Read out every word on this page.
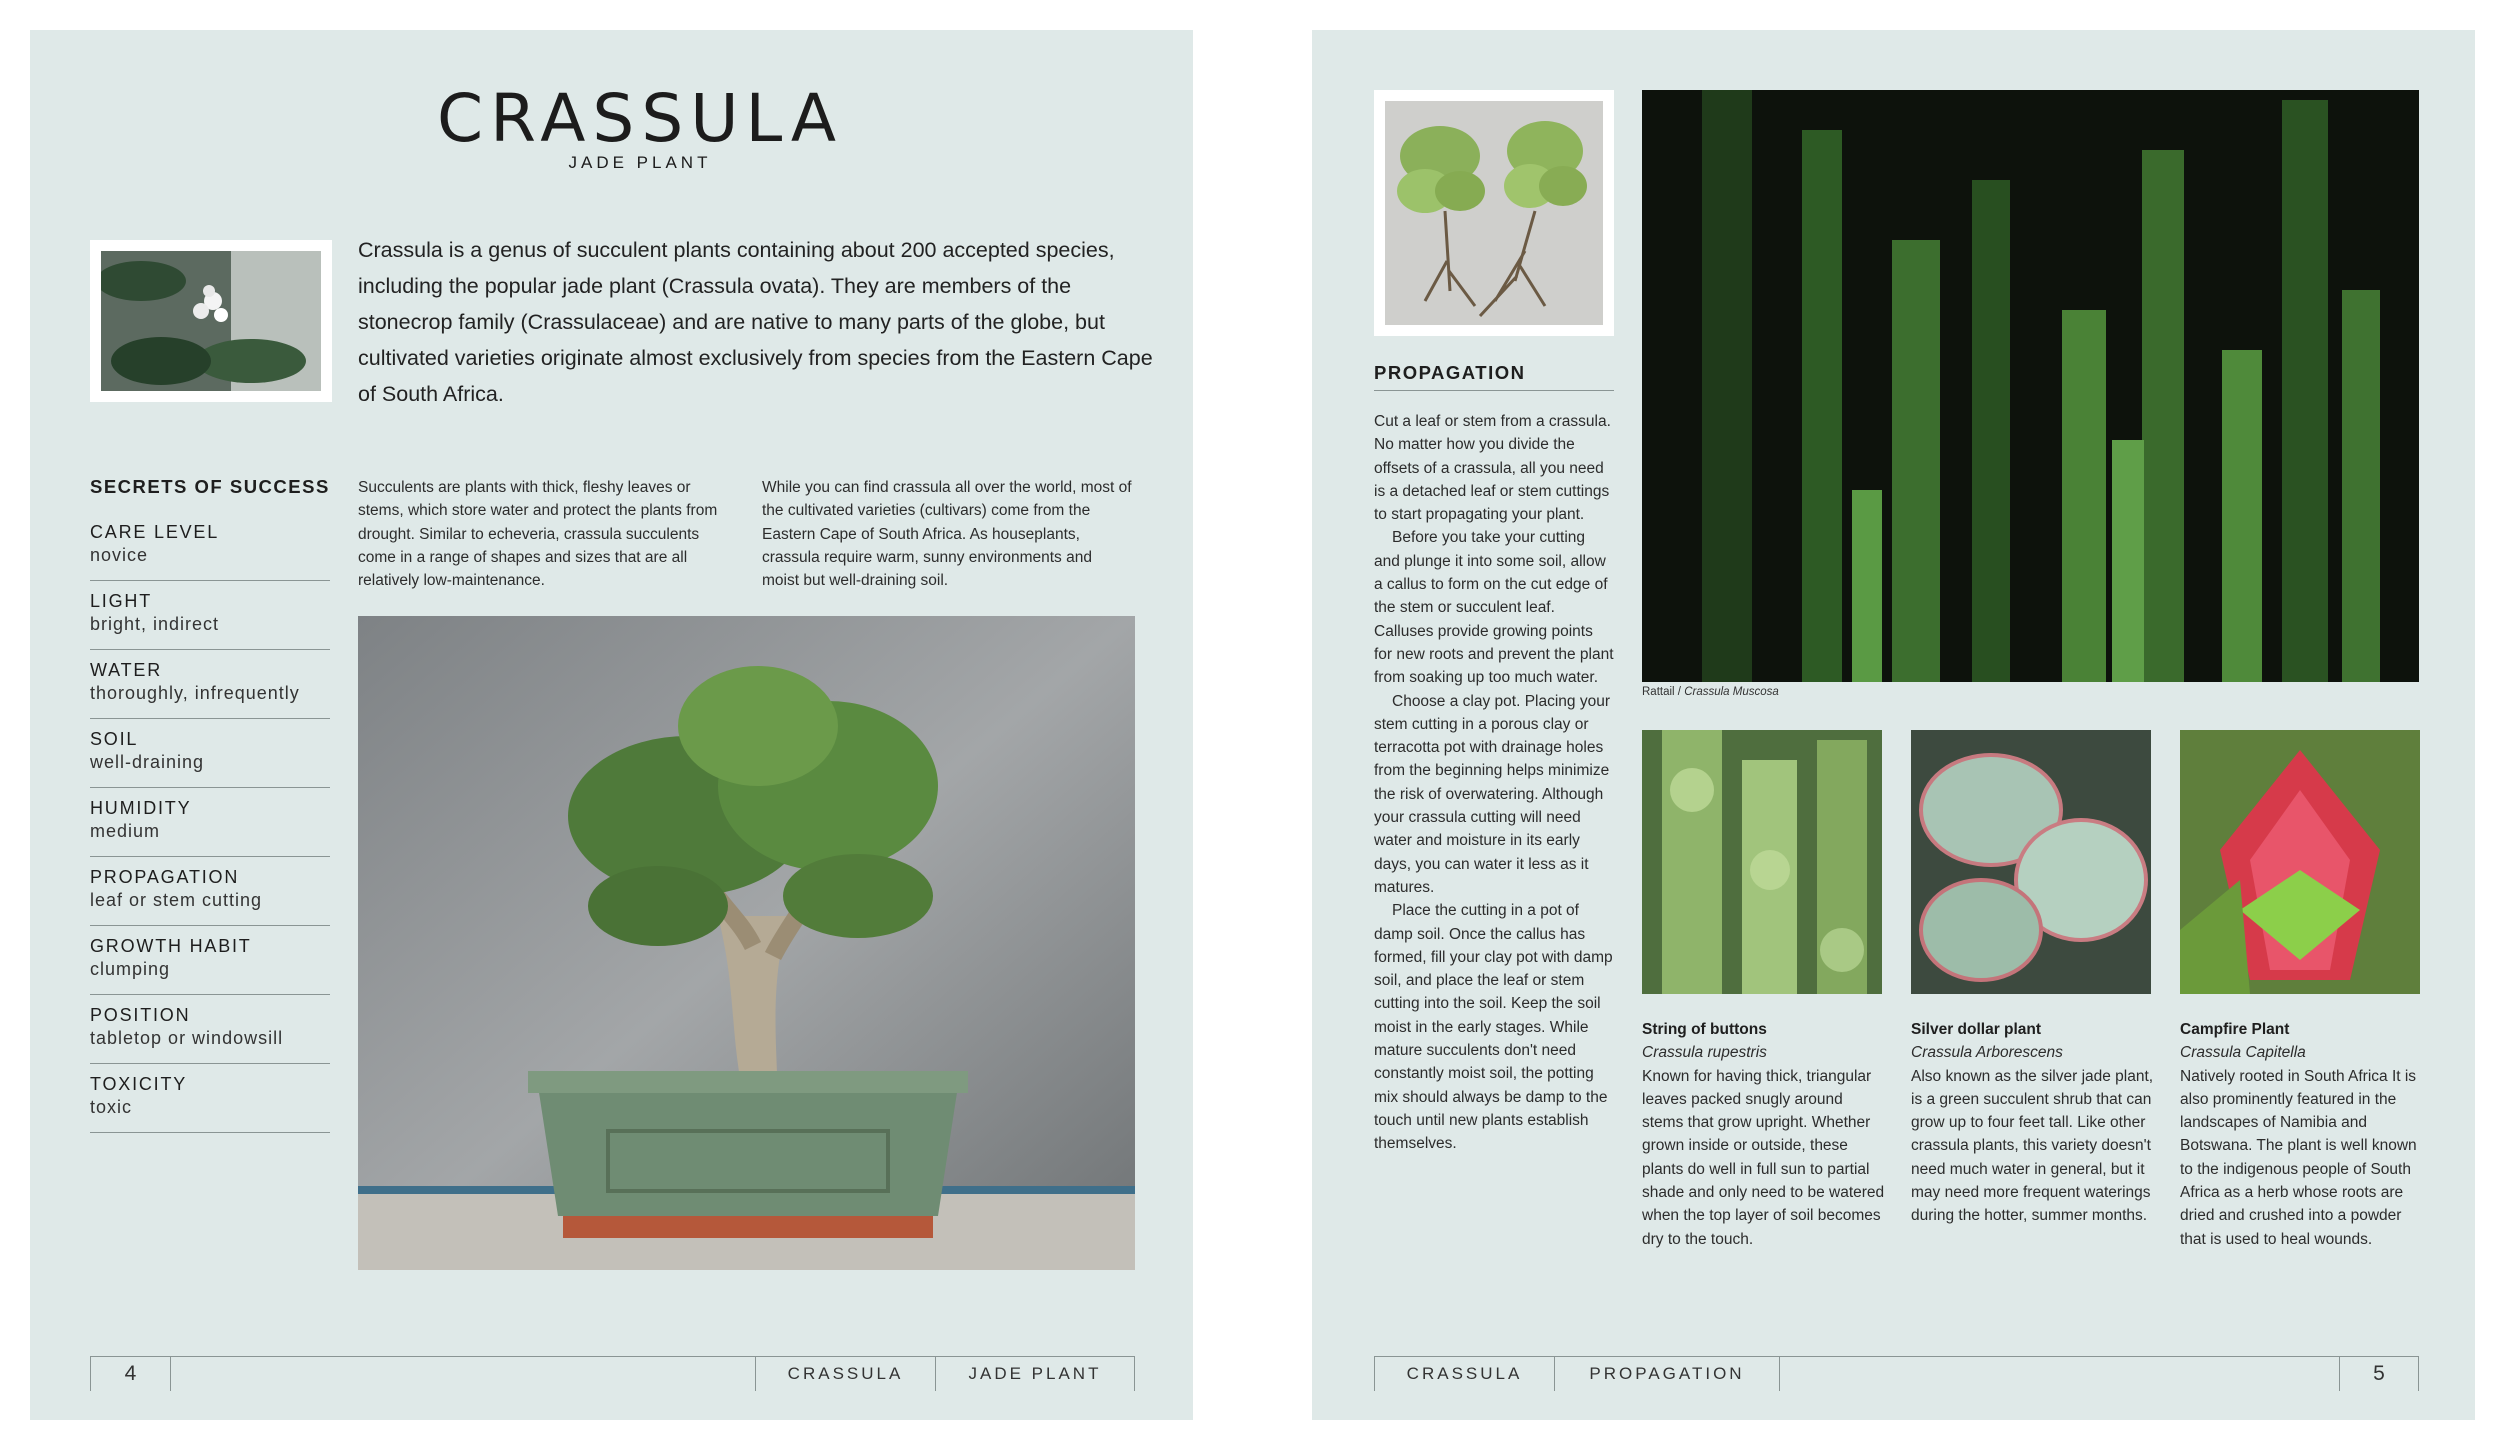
CRASSULA
JADE PLANT
Crassula is a genus of succulent plants containing about 200 accepted species, including the popular jade plant (Crassula ovata). They are members of the stonecrop family (Crassulaceae) and are native to many parts of the globe, but cultivated varieties originate almost exclusively from species from the Eastern Cape of South Africa.
SECRETS OF SUCCESS
CARE LEVEL
novice
LIGHT
bright, indirect
WATER
thoroughly, infrequently
SOIL
well-draining
HUMIDITY
medium
PROPAGATION
leaf or stem cutting
GROWTH HABIT
clumping
POSITION
tabletop or windowsill
TOXICITY
toxic
Succulents are plants with thick, fleshy leaves or stems, which store water and protect the plants from drought. Similar to echeveria, crassula succulents come in a range of shapes and sizes that are all relatively low-maintenance.
While you can find crassula all over the world, most of the cultivated varieties (cultivars) come from the Eastern Cape of South Africa. As houseplants, crassula require warm, sunny environments and moist but well-draining soil.
4	CRASSULA	JADE PLANT
PROPAGATION

Cut a leaf or stem from a crassula. No matter how you divide the offsets of a crassula, all you need is a detached leaf or stem cuttings to start propagating your plant.

Before you take your cutting and plunge it into some soil, allow a callus to form on the cut edge of the stem or succulent leaf. Calluses provide growing points for new roots and prevent the plant from soaking up too much water.

Choose a clay pot. Placing your stem cutting in a porous clay or terracotta pot with drainage holes from the beginning helps minimize the risk of overwatering. Although your crassula cutting will need water and moisture in its early days, you can water it less as it matures.

Place the cutting in a pot of damp soil. Once the callus has formed, fill your clay pot with damp soil, and place the leaf or stem cutting into the soil. Keep the soil moist in the early stages. While mature succulents don't need constantly moist soil, the potting mix should always be damp to the touch until new plants establish themselves.

Rattail / Crassula Muscosa
String of buttons
Crassula rupestris
Known for having thick, triangular leaves packed snugly around stems that grow upright. Whether grown inside or outside, these plants do well in full sun to partial shade and only need to be watered when the top layer of soil becomes dry to the touch.
Silver dollar plant
Crassula Arborescens
Also known as the silver jade plant, is a green succulent shrub that can grow up to four feet tall. Like other crassula plants, this variety doesn't need much water in general, but it may need more frequent waterings during the hotter, summer months.
Campfire Plant
Crassula Capitella
Natively rooted in South Africa It is also prominently featured in the landscapes of Namibia and Botswana. The plant is well known to the indigenous people of South Africa as a herb whose roots are dried and crushed into a powder that is used to heal wounds.
CRASSULA	PROPAGATION	5
